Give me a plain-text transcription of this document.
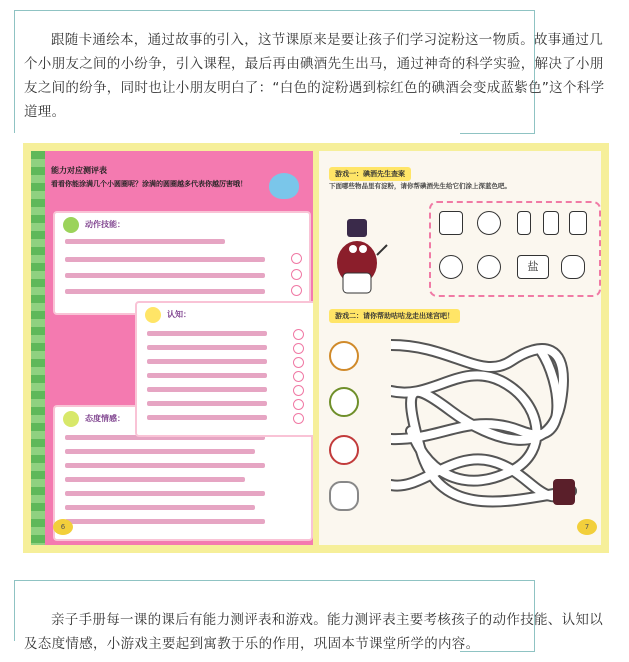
跟随卡通绘本，通过故事的引入，这节课原来是要让孩子们学习淀粉这一物质。故事通过几个小朋友之间的小纷争，引入课程，最后再由碘酒先生出马，通过神奇的科学实验，解决了小朋友之间的纷争，同时也让小朋友明白了：“白色的淀粉遇到棕红色的碘酒会变成蓝紫色”这个科学道理。

能力对应测评表
看看你能涂满几个小圆圈呢？涂满的圆圈越多代表你越厉害哦！
动作技能：
态度情感：
认知：
6
游戏一：碘酒先生查案
下面哪些物品里有淀粉，请你帮碘酒先生给它们涂上深蓝色吧。
盐
游戏二：请你帮助咕咕龙走出迷宫吧！
7

亲子手册每一课的课后有能力测评表和游戏。能力测评表主要考核孩子的动作技能、认知以及态度情感，小游戏主要起到寓教于乐的作用，巩固本节课堂所学的内容。
